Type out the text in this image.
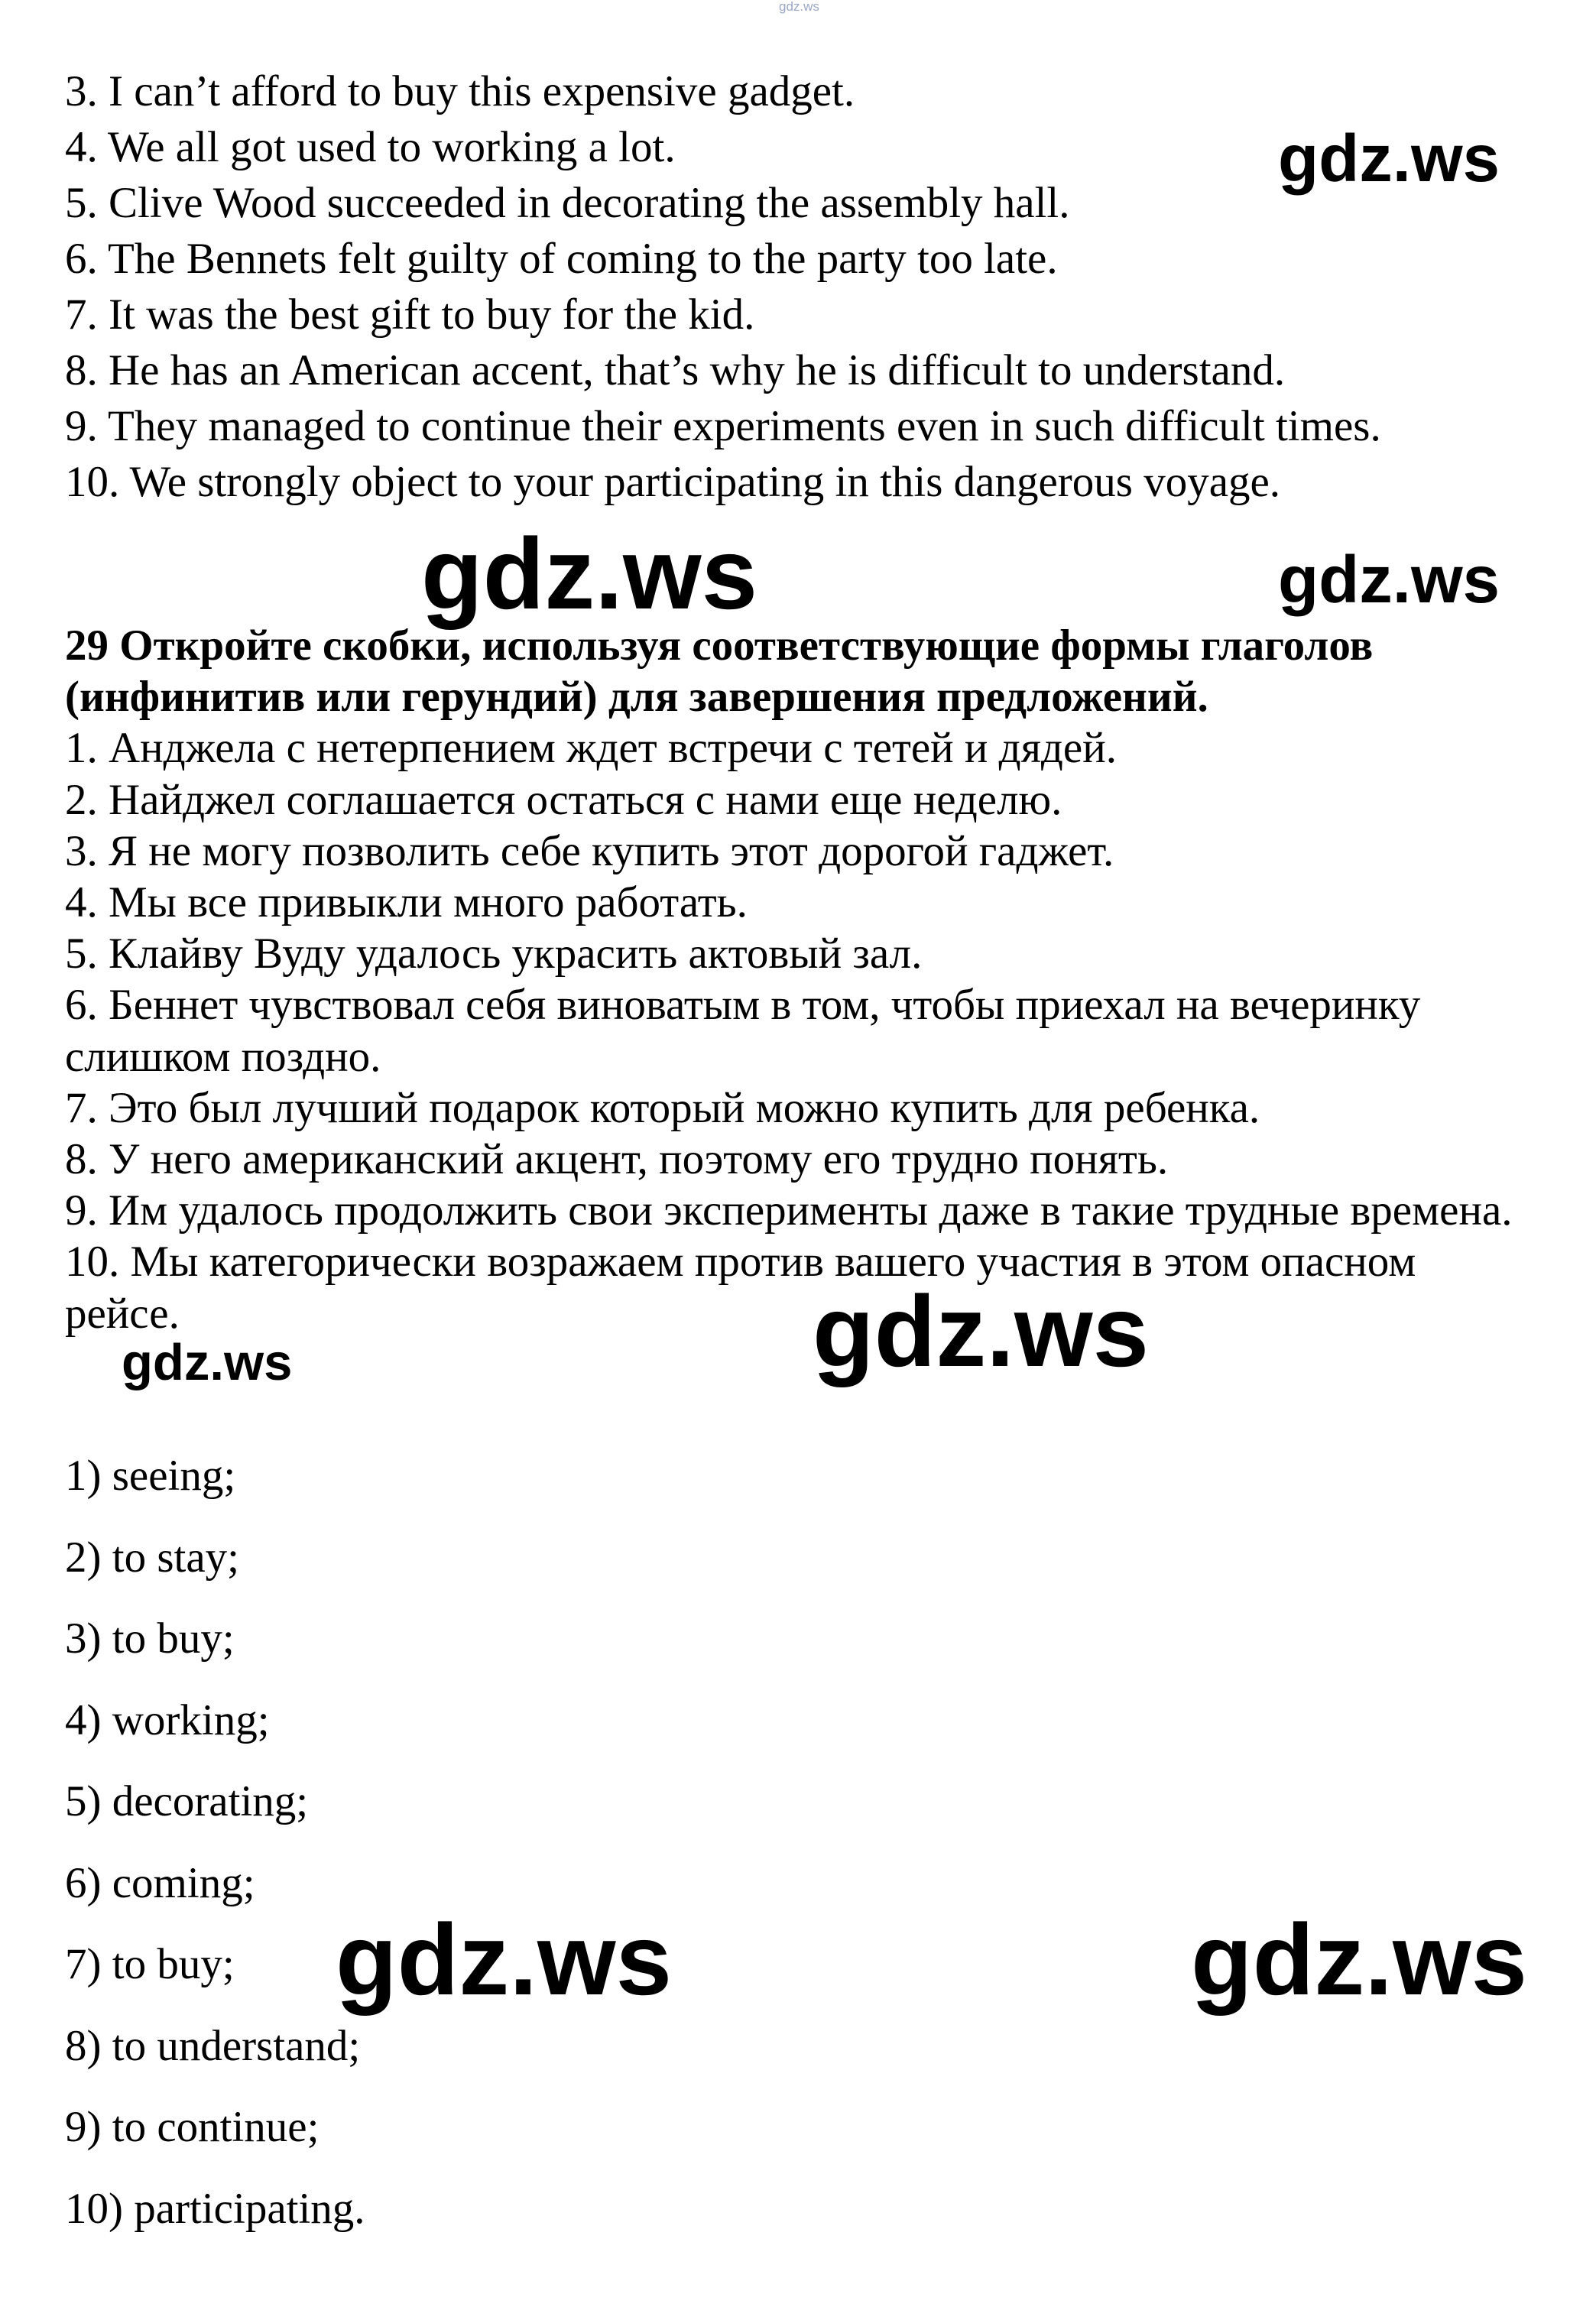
gdz.ws
3. I can’t afford to buy this expensive gadget.
4. We all got used to working a lot.
5. Clive Wood succeeded in decorating the assembly hall.
6. The Bennets felt guilty of coming to the party too late.
7. It was the best gift to buy for the kid.
8. He has an American accent, that’s why he is difficult to understand.
9. They managed to continue their experiments even in such difficult times.
10. We strongly object to your participating in this dangerous voyage.
29 Откройте скобки, используя соответствующие формы глаголов
(инфинитив или герундий) для завершения предложений.
1. Анджела с нетерпением ждет встречи с тетей и дядей.
2. Найджел соглашается остаться с нами еще неделю.
3. Я не могу позволить себе купить этот дорогой гаджет.
4. Мы все привыкли много работать.
5. Клайву Вуду удалось украсить актовый зал.
6. Беннет чувствовал себя виноватым в том, чтобы приехал на вечеринку
слишком поздно.
7. Это был лучший подарок который можно купить для ребенка.
8. У него американский акцент, поэтому его трудно понять.
9. Им удалось продолжить свои эксперименты даже в такие трудные времена.
10. Мы категорически возражаем против вашего участия в этом опасном
рейсе.
1) seeing;
2) to stay;
3) to buy;
4) working;
5) decorating;
6) coming;
7) to buy;
8) to understand;
9) to continue;
10) participating.
gdz.ws
gdz.ws	gdz.ws
gdz.ws
gdz.ws
gdz.ws	gdz.ws
